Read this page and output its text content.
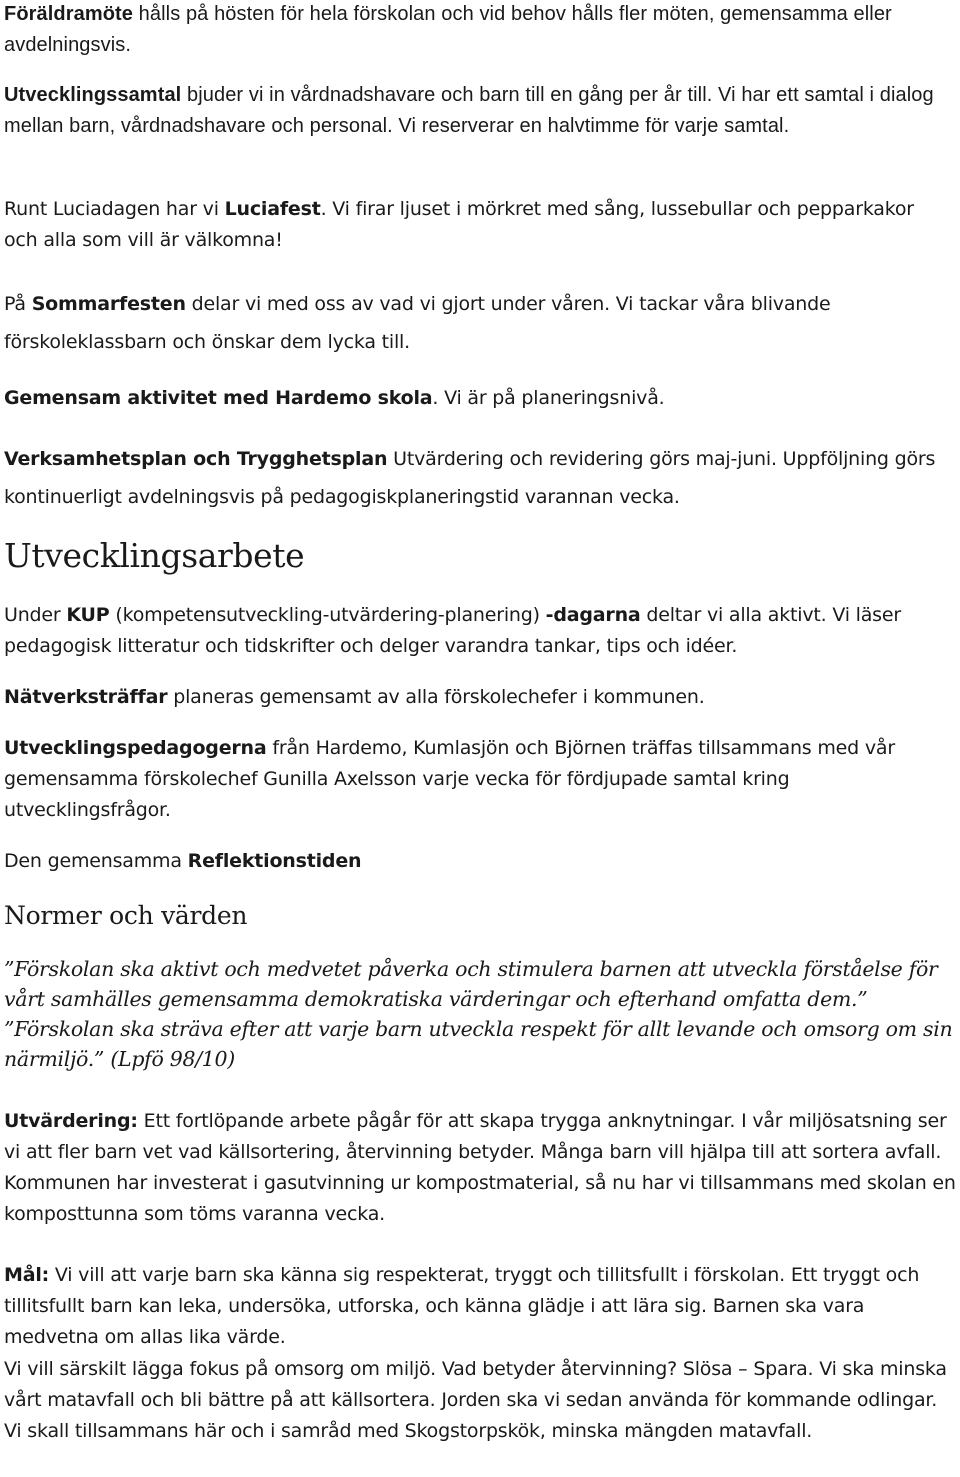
Föräldramöte hålls på hösten för hela förskolan och vid behov hålls fler möten, gemensamma eller avdelningsvis.

Utvecklingssamtal bjuder vi in vårdnadshavare och barn till en gång per år till. Vi har ett samtal i dialog mellan barn, vårdnadshavare och personal. Vi reserverar en halvtimme för varje samtal.

Runt Luciadagen har vi Luciafest. Vi firar ljuset i mörkret med sång, lussebullar och pepparkakor och alla som vill är välkomna!

På Sommarfesten delar vi med oss av vad vi gjort under våren. Vi tackar våra blivande förskoleklassbarn och önskar dem lycka till.

Gemensam aktivitet med Hardemo skola. Vi är på planeringsnivå.

Verksamhetsplan och Trygghetsplan Utvärdering och revidering görs maj-juni. Uppföljning görs kontinuerligt avdelningsvis på pedagogiskplaneringstid varannan vecka.

Utvecklingsarbete

Under KUP (kompetensutveckling-utvärdering-planering) -dagarna deltar vi alla aktivt. Vi läser pedagogisk litteratur och tidskrifter och delger varandra tankar, tips och idéer.

Nätverksträffar planeras gemensamt av alla förskolechefer i kommunen.

Utvecklingspedagogerna från Hardemo, Kumlasjön och Björnen träffas tillsammans med vår gemensamma förskolechef Gunilla Axelsson varje vecka för fördjupade samtal kring utvecklingsfrågor.

Den gemensamma Reflektionstiden

Normer och värden

”Förskolan ska aktivt och medvetet påverka och stimulera barnen att utveckla förståelse för vårt samhälles gemensamma demokratiska värderingar och efterhand omfatta dem.”

”Förskolan ska sträva efter att varje barn utveckla respekt för allt levande och omsorg om sin närmiljö.” (Lpfö 98/10)

Utvärdering: Ett fortlöpande arbete pågår för att skapa trygga anknytningar. I vår miljösatsning ser vi att fler barn vet vad källsortering, återvinning betyder. Många barn vill hjälpa till att sortera avfall. Kommunen har investerat i gasutvinning ur kompostmaterial, så nu har vi tillsammans med skolan en komposttunna som töms varanna vecka.

Mål: Vi vill att varje barn ska känna sig respekterat, tryggt och tillitsfullt i förskolan. Ett tryggt och tillitsfullt barn kan leka, undersöka, utforska, och känna glädje i att lära sig. Barnen ska vara medvetna om allas lika värde.

Vi vill särskilt lägga fokus på omsorg om miljö. Vad betyder återvinning? Slösa – Spara. Vi ska minska vårt matavfall och bli bättre på att källsortera. Jorden ska vi sedan använda för kommande odlingar. Vi skall tillsammans här och i samråd med Skogstorpskök, minska mängden matavfall.
